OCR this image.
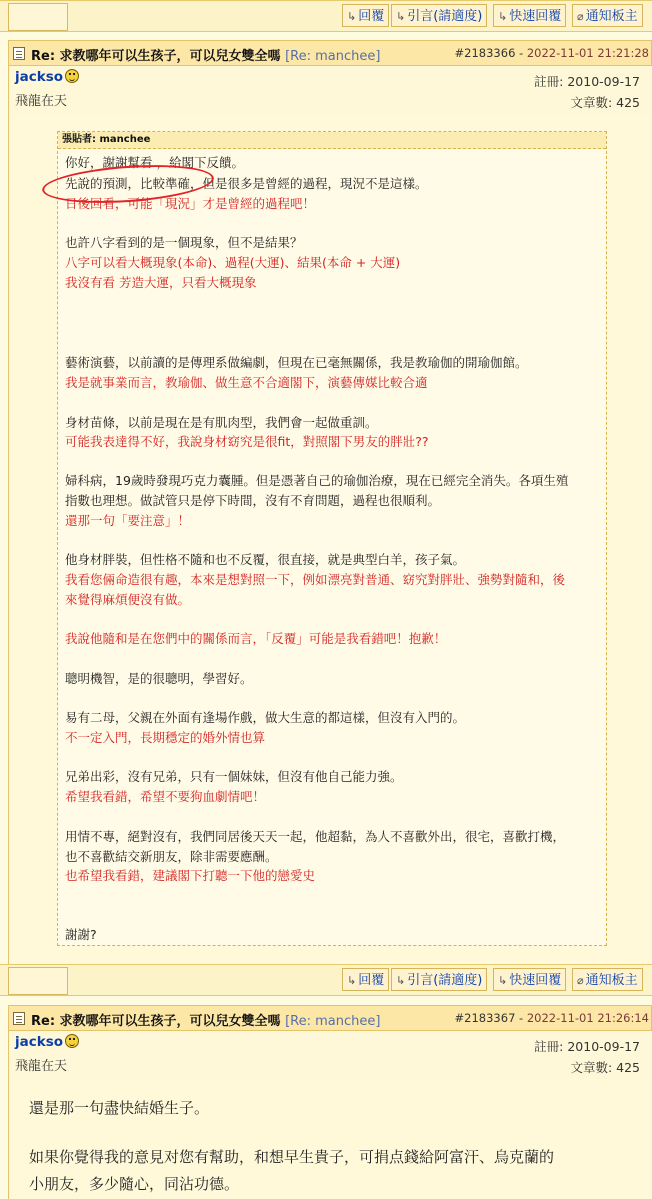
↳ 回覆	↳ 引言(請適度)	↳ 快速回覆	⌀ 通知板主
Re: 求教哪年可以生孩子，可以兒女雙全嗎 [Re: manchee]	#2183366 - 2022-11-01 21:21:28
jackso
飛龍在天
註冊: 2010-09-17
文章數: 425
張貼者: manchee
你好，謝謝幫看 ，給閣下反饋。
先說的預測，比較準確，但是很多是曾經的過程，現況不是這樣。
日後回看，可能「現況」才是曾經的過程吧！
也許八字看到的是一個現象，但不是結果？
八字可以看大概現象(本命)、過程(大運)、結果(本命 + 大運)
我沒有看 芳造大運，只看大概現象
藝術演藝，以前讀的是傳理系做編劇，但現在已毫無關係，我是教瑜伽的開瑜伽館。
我是就事業而言，教瑜伽、做生意不合適閣下，演藝傳媒比較合適
身材苗條，以前是現在是有肌肉型，我們會一起做重訓。
可能我表達得不好，我說身材窈究是很fit，對照閣下男友的胖壯??
婦科病，19歲時發現巧克力囊腫。但是憑著自己的瑜伽治療，現在已經完全消失。各項生殖
指數也理想。做試管只是停下時間，沒有不育問題，過程也很順利。
還那一句「要注意」！
他身材胖裝，但性格不隨和也不反覆，很直接，就是典型白羊，孩子氣。
我看您倆命造很有趣，本來是想對照一下，例如漂亮對普通、窈究對胖壯、強勢對隨和，後
來覺得麻煩便沒有做。
我說他隨和是在您們中的關係而言，「反覆」可能是我看錯吧！抱歉！
聰明機智，是的很聰明，學習好。
易有二母，父親在外面有逢場作戲，做大生意的都這樣，但沒有入門的。
不一定入門，長期穩定的婚外情也算
兄弟出彩，沒有兄弟，只有一個妹妹，但沒有他自己能力強。
希望我看錯，希望不要狗血劇情吧！
用情不專，絕對沒有，我們同居後天天一起，他超黏，為人不喜歡外出，很宅，喜歡打機，
也不喜歡結交新朋友，除非需要應酬。
也希望我看錯，建議閣下打聽一下他的戀愛史
謝謝?
↳ 回覆	↳ 引言(請適度)	↳ 快速回覆	⌀ 通知板主
Re: 求教哪年可以生孩子，可以兒女雙全嗎 [Re: manchee]	#2183367 - 2022-11-01 21:26:14
jackso
飛龍在天
註冊: 2010-09-17
文章數: 425
還是那一句盡快結婚生子。
如果你覺得我的意見对您有幫助，和想早生貴子，可捐点錢給阿富汗、烏克蘭的
小朋友，多少隨心，同沾功德。
